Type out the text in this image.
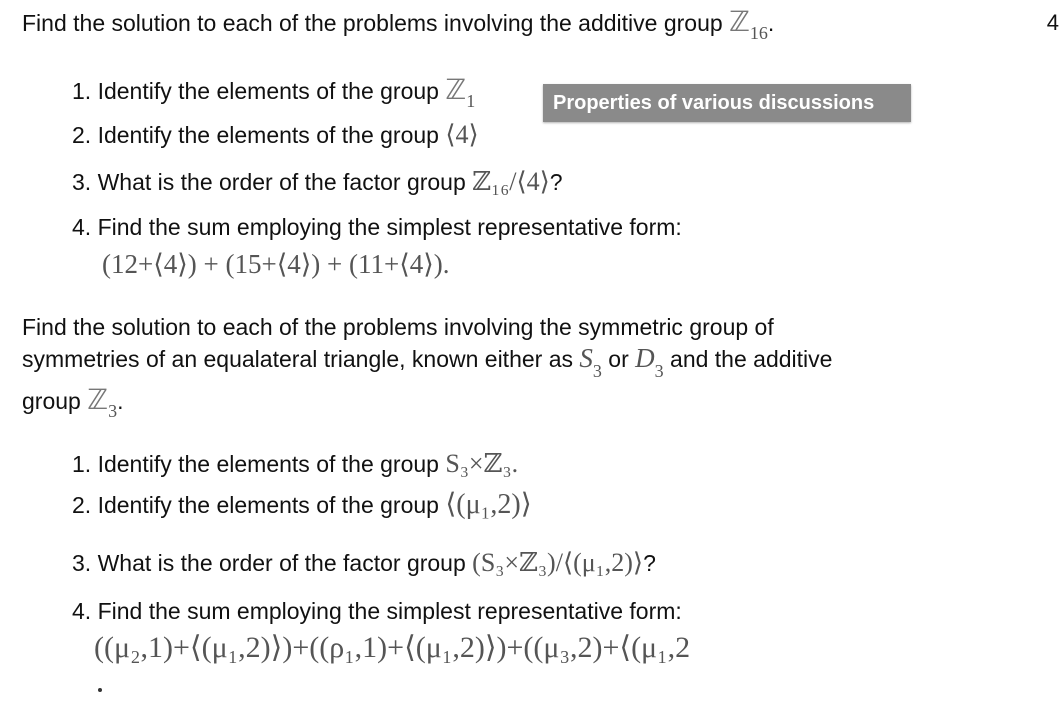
Find the solution to each of the problems involving the additive group ℤ$_{16}$.	4
1. Identify the elements of the group ℤ$_1$	Properties of various discussions
2. Identify the elements of the group ⟨4⟩
3. What is the order of the factor group ℤ₁₆/⟨4⟩?
4. Find the sum employing the simplest representative form:
(12+⟨4⟩) + (15+⟨4⟩) + (11+⟨4⟩).
Find the solution to each of the problems involving the symmetric group of
symmetries of an equalateral triangle, known either as $S_3$ or $D_3$ and the additive
group ℤ$_3$.
1. Identify the elements of the group S₃×ℤ₃.
2. Identify the elements of the group ⟨(μ₁,2)⟩
3. What is the order of the factor group (S₃×ℤ₃)/⟨(μ₁,2)⟩?
4. Find the sum employing the simplest representative form:
((μ₂,1)+⟨(μ₁,2)⟩)+((ρ₁,1)+⟨(μ₁,2)⟩)+((μ₃,2)+⟨(μ₁,2
